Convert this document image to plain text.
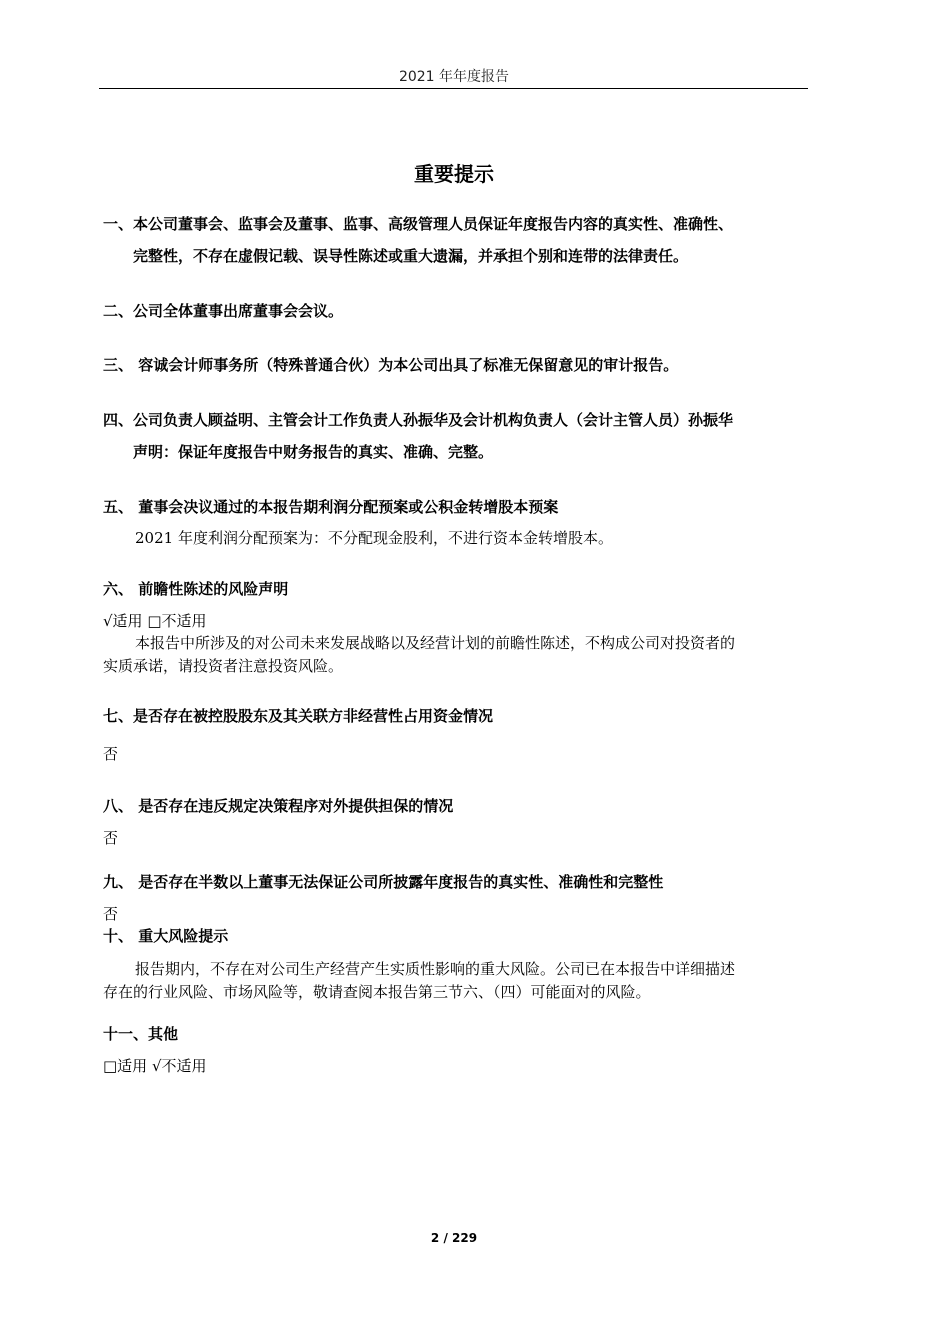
2021 年年度报告
重要提示
一、本公司董事会、监事会及董事、监事、高级管理人员保证年度报告内容的真实性、准确性、
完整性，不存在虚假记载、误导性陈述或重大遗漏，并承担个别和连带的法律责任。
二、公司全体董事出席董事会会议。
三、 容诚会计师事务所（特殊普通合伙）为本公司出具了标准无保留意见的审计报告。
四、公司负责人顾益明、主管会计工作负责人孙振华及会计机构负责人（会计主管人员）孙振华
声明：保证年度报告中财务报告的真实、准确、完整。
五、 董事会决议通过的本报告期利润分配预案或公积金转增股本预案
2021 年度利润分配预案为：不分配现金股利，不进行资本金转增股本。
六、 前瞻性陈述的风险声明
√适用 □不适用
本报告中所涉及的对公司未来发展战略以及经营计划的前瞻性陈述，不构成公司对投资者的
实质承诺，请投资者注意投资风险。
七、是否存在被控股股东及其关联方非经营性占用资金情况
否
八、 是否存在违反规定决策程序对外提供担保的情况
否
九、 是否存在半数以上董事无法保证公司所披露年度报告的真实性、准确性和完整性
否
十、 重大风险提示
报告期内，不存在对公司生产经营产生实质性影响的重大风险。公司已在本报告中详细描述
存在的行业风险、市场风险等，敬请查阅本报告第三节六、（四）可能面对的风险。
十一、其他
□适用 √不适用
2 / 229
